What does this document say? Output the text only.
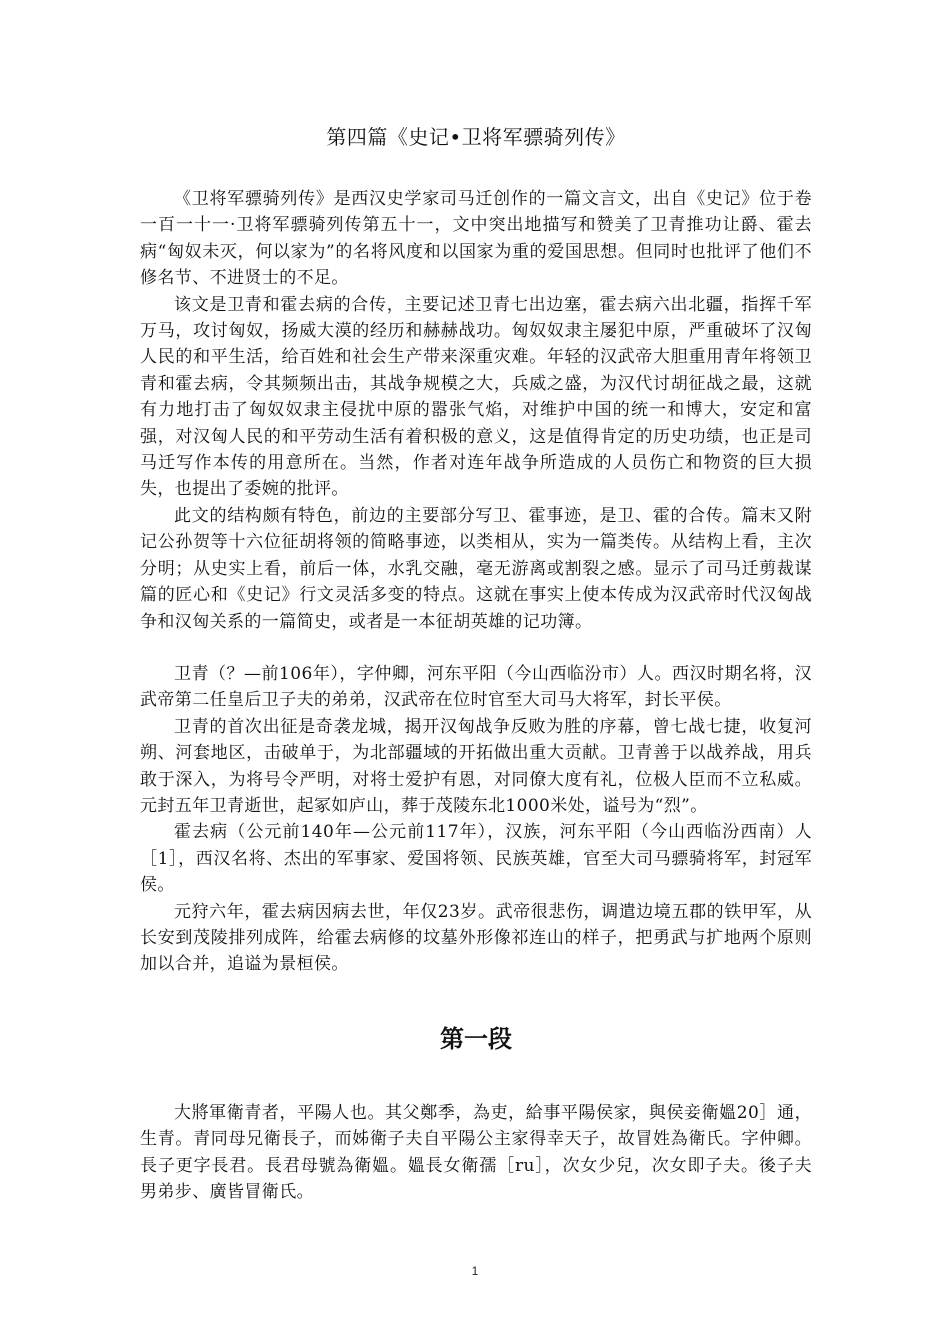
第四篇《史记•卫将军骠骑列传》

《卫将军骠骑列传》是西汉史学家司马迁创作的一篇文言文，出自《史记》位于卷一百一十一·卫将军骠骑列传第五十一，文中突出地描写和赞美了卫青推功让爵、霍去病“匈奴未灭，何以家为”的名将风度和以国家为重的爱国思想。但同时也批评了他们不修名节、不进贤士的不足。

该文是卫青和霍去病的合传，主要记述卫青七出边塞，霍去病六出北疆，指挥千军万马，攻讨匈奴，扬威大漠的经历和赫赫战功。匈奴奴隶主屡犯中原，严重破坏了汉匈人民的和平生活，给百姓和社会生产带来深重灾难。年轻的汉武帝大胆重用青年将领卫青和霍去病，令其频频出击，其战争规模之大，兵威之盛，为汉代讨胡征战之最，这就有力地打击了匈奴奴隶主侵扰中原的嚣张气焰，对维护中国的统一和博大，安定和富强，对汉匈人民的和平劳动生活有着积极的意义，这是值得肯定的历史功绩，也正是司马迁写作本传的用意所在。当然，作者对连年战争所造成的人员伤亡和物资的巨大损失，也提出了委婉的批评。

此文的结构颇有特色，前边的主要部分写卫、霍事迹，是卫、霍的合传。篇末又附记公孙贺等十六位征胡将领的简略事迹，以类相从，实为一篇类传。从结构上看，主次分明；从史实上看，前后一体，水乳交融，毫无游离或割裂之感。显示了司马迁剪裁谋篇的匠心和《史记》行文灵活多变的特点。这就在事实上使本传成为汉武帝时代汉匈战争和汉匈关系的一篇简史，或者是一本征胡英雄的记功簿。

卫青（？—前106年），字仲卿，河东平阳（今山西临汾市）人。西汉时期名将，汉武帝第二任皇后卫子夫的弟弟，汉武帝在位时官至大司马大将军，封长平侯。

卫青的首次出征是奇袭龙城，揭开汉匈战争反败为胜的序幕，曾七战七捷，收复河朔、河套地区，击破单于，为北部疆域的开拓做出重大贡献。卫青善于以战养战，用兵敢于深入，为将号令严明，对将士爱护有恩，对同僚大度有礼，位极人臣而不立私威。元封五年卫青逝世，起冢如庐山，葬于茂陵东北1000米处，谥号为“烈”。

霍去病（公元前140年—公元前117年），汉族，河东平阳（今山西临汾西南）人［1］，西汉名将、杰出的军事家、爱国将领、民族英雄，官至大司马骠骑将军，封冠军侯。

元狩六年，霍去病因病去世，年仅23岁。武帝很悲伤，调遣边境五郡的铁甲军，从长安到茂陵排列成阵，给霍去病修的坟墓外形像祁连山的样子，把勇武与扩地两个原则加以合并，追谥为景桓侯。

第一段

大將軍衛青者，平陽人也。其父鄭季，為吏，給事平陽侯家，與侯妾衛媼20］通，生青。青同母兄衛長子，而姊衛子夫自平陽公主家得幸天子，故冒姓為衛氏。字仲卿。長子更字長君。長君母號為衛媼。媼長女衛孺［ru］，次女少兒，次女即子夫。後子夫男弟步、廣皆冒衛氏。

1
